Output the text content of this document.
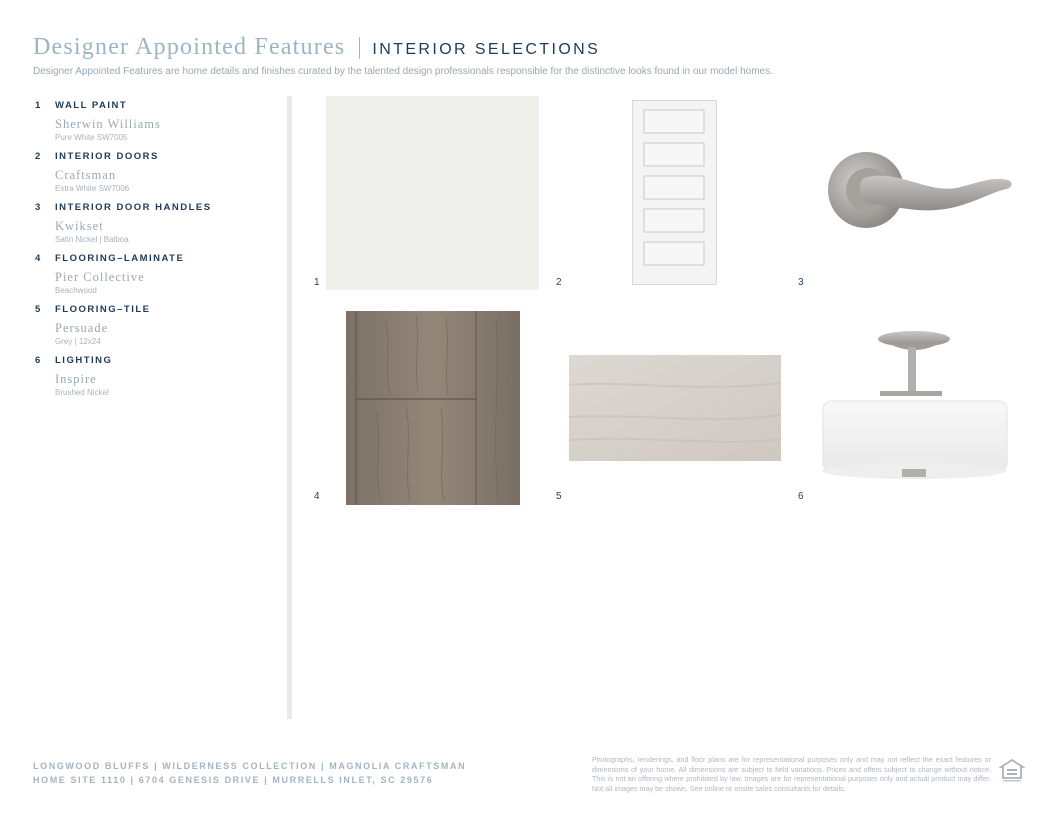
Designer Appointed Features INTERIOR SELECTIONS
Designer Appointed Features are home details and finishes curated by the talented design professionals responsible for the distinctive looks found in our model homes.
1	WALL PAINT
Sherwin Williams
Pure White SW7005
2	INTERIOR DOORS
Craftsman
Extra White SW7006
3	INTERIOR DOOR HANDLES
Kwikset
Satin Nickel | Balboa
4	FLOORING–LAMINATE
Pier Collective
Beachwood
5	FLOORING–TILE
Persuade
Grey | 12x24
6	LIGHTING
Inspire
Brushed Nickel
1	2	3
4	5	6
LONGWOOD BLUFFS | WILDERNESS COLLECTION | MAGNOLIA CRAFTSMAN
HOME SITE 1110 | 6704 GENESIS DRIVE | MURRELLS INLET, SC 29576
Photographs, renderings, and floor plans are for representational purposes only and may not reflect the exact features or dimensions of your home. All dimensions are subject to field variations. Prices and offers subject to change without notice. This is not an offering where prohibited by law. Images are for representational purposes only and actual product may differ. Not all images may be shown. See online or onsite sales consultants for details.
